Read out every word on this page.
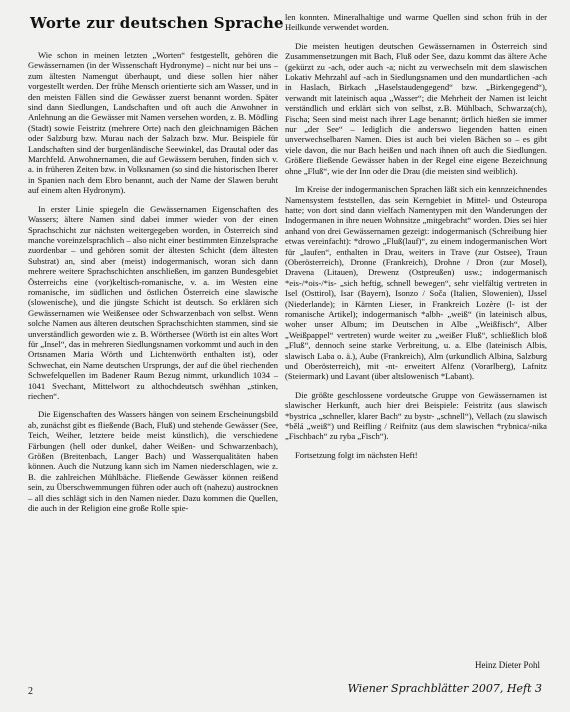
Worte zur deutschen Sprache

Wie schon in meinen letzten „Worten“ festgestellt, gehören die Gewässernamen (in der Wissenschaft Hydronyme) – nicht nur bei uns – zum ältesten Namengut überhaupt, und diese sollen hier näher vorgestellt werden. Der frühe Mensch orientierte sich am Wasser, und in den meisten Fällen sind die Gewässer zuerst benannt worden. Später sind dann Siedlungen, Landschaften und oft auch die Anwohner in Anlehnung an die Gewässer mit Namen versehen worden, z. B. Mödling (Stadt) sowie Feistritz (mehrere Orte) nach den gleichnamigen Bächen oder Salzburg bzw. Murau nach der Salzach bzw. Mur. Beispiele für Landschaften sind der burgenländische Seewinkel, das Drautal oder das Marchfeld. Anwohnernamen, die auf Gewässern beruhen, finden sich v. a. in früheren Zeiten bzw. in Volksnamen (so sind die historischen Iberer in Spanien nach dem Ebro benannt, auch der Name der Slawen beruht auf einem alten Hydronym).

In erster Linie spiegeln die Gewässernamen Eigenschaften des Wassers; ältere Namen sind dabei immer wieder von der einen Sprachschicht zur nächsten weitergegeben worden, in Österreich sind manche voreinzelsprachlich – also nicht einer bestimmten Einzelsprache zuordenbar – und gehören somit der ältesten Schicht (dem ältesten Substrat) an, sind aber (meist) indogermanisch, woran sich dann mehrere weitere Sprachschichten anschließen, im ganzen Bundesgebiet Österreichs eine (vor)keltisch-romanische, v. a. im Westen eine romanische, im südlichen und östlichen Österreich eine slawische (slowenische), und die jüngste Schicht ist deutsch. So erklären sich Gewässernamen wie Weißensee oder Schwarzenbach von selbst. Wenn solche Namen aus älteren deutschen Sprachschichten stammen, sind sie unverständlich geworden wie z. B. Wörthersee (Wörth ist ein altes Wort für „Insel“, das in mehreren Siedlungsnamen vorkommt und auch in den Ortsnamen Maria Wörth und Lichtenwörth enthalten ist), oder Schwechat, ein Name deutschen Ursprungs, der auf die übel riechenden Schwefelquellen im Badener Raum Bezug nimmt, urkundlich 1034 – 1041 Svechant, Mittelwort zu althochdeutsch swëhhan „stinken, riechen“.

Die Eigenschaften des Wassers hängen von seinem Erscheinungsbild ab, zunächst gibt es fließende (Bach, Fluß) und stehende Gewässer (See, Teich, Weiher, letztere beide meist künstlich), die verschiedene Färbungen (hell oder dunkel, daher Weißen- und Schwarzenbach), Größen (Breitenbach, Langer Bach) und Wasserqualitäten haben können. Auch die Nutzung kann sich im Namen niederschlagen, wie z. B. die zahlreichen Mühlbäche. Fließende Gewässer können reißend sein, zu Überschwemmungen führen oder auch oft (nahezu) austrocknen – all dies schlägt sich in den Namen nieder. Dazu kommen die Quellen, die auch in der Religion eine große Rolle spie-

len konnten. Mineralhaltige und warme Quellen sind schon früh in der Heilkunde verwendet worden.

Die meisten heutigen deutschen Gewässernamen in Österreich sind Zusammensetzungen mit Bach, Fluß oder See, dazu kommt das ältere Ache (gekürzt zu -ach, oder auch -a; nicht zu verwechseln mit dem slawischen Lokativ Mehrzahl auf -ach in Siedlungsnamen und den mundartlichen -ach in Haslach, Birkach „Haselstaudengegend“ bzw. „Birkengegend“), verwandt mit lateinisch aqua „Wasser“; die Mehrheit der Namen ist leicht verständlich und erklärt sich von selbst, z.B. Mühlbach, Schwarza(ch), Fischa; Seen sind meist nach ihrer Lage benannt; örtlich hießen sie immer nur „der See“ – lediglich die anderswo liegenden hatten einen unverwechselbaren Namen. Dies ist auch bei vielen Bächen so – es gibt viele davon, die nur Bach heißen und nach ihnen oft auch die Siedlungen. Größere fließende Gewässer haben in der Regel eine eigene Bezeichnung ohne „Fluß“, wie der Inn oder die Drau (die meisten sind weiblich).

Im Kreise der indogermanischen Sprachen läßt sich ein kennzeichnendes Namensystem feststellen, das sein Kerngebiet in Mittel- und Osteuropa hatte; von dort sind dann vielfach Namentypen mit den Wanderungen der Indogermanen in ihre neuen Wohnsitze „mitgebracht“ worden. Dies sei hier anhand von drei Gewässernamen gezeigt: indogermanisch (Schreibung hier etwas vereinfacht): *drowo „Fluß(lauf)“, zu einem indogermanischen Wort für „laufen“, enthalten in Drau, weiters in Trave (zur Ostsee), Traun (Oberösterreich), Dronne (Frankreich), Drohne / Dron (zur Mosel), Dravena (Litauen), Drewenz (Ostpreußen) usw.; indogermanisch *eis-/*ois-/*is- „sich heftig, schnell bewegen“, sehr vielfältig vertreten in Isel (Osttirol), Isar (Bayern), Isonzo / Soča (Italien, Slowenien), IJssel (Niederlande); in Kärnten Lieser, in Frankreich Lozère (l- ist der romanische Artikel); indogermanisch *albh- „weiß“ (in lateinisch albus, woher unser Album; im Deutschen in Albe „Weißfisch“, Alber „Weißpappel“ vertreten) wurde weiter zu „weißer Fluß“, schließlich bloß „Fluß“, dennoch seine starke Verbreitung, u. a. Elbe (lateinisch Albis, slawisch Laba o. ä.), Aube (Frankreich), Alm (urkundlich Albina, Salzburg und Oberösterreich), mit -nt- erweitert Alfenz (Vorarlberg), Lafnitz (Steiermark) und Lavant (über altslowenisch *Labant).

Die größte geschlossene vordeutsche Gruppe von Gewässernamen ist slawischer Herkunft, auch hier drei Beispiele: Feistritz (aus slawisch *bystrica „schneller, klarer Bach“ zu bystr- „schnell“), Vellach (zu slawisch *bělá „weiß“) und Reifling / Reifnitz (aus dem slawischen *rybnica/-nika „Fischbach“ zu ryba „Fisch“).

Fortsetzung folgt im nächsten Heft!

Heinz Dieter Pohl
2	Wiener Sprachblätter 2007, Heft 3
